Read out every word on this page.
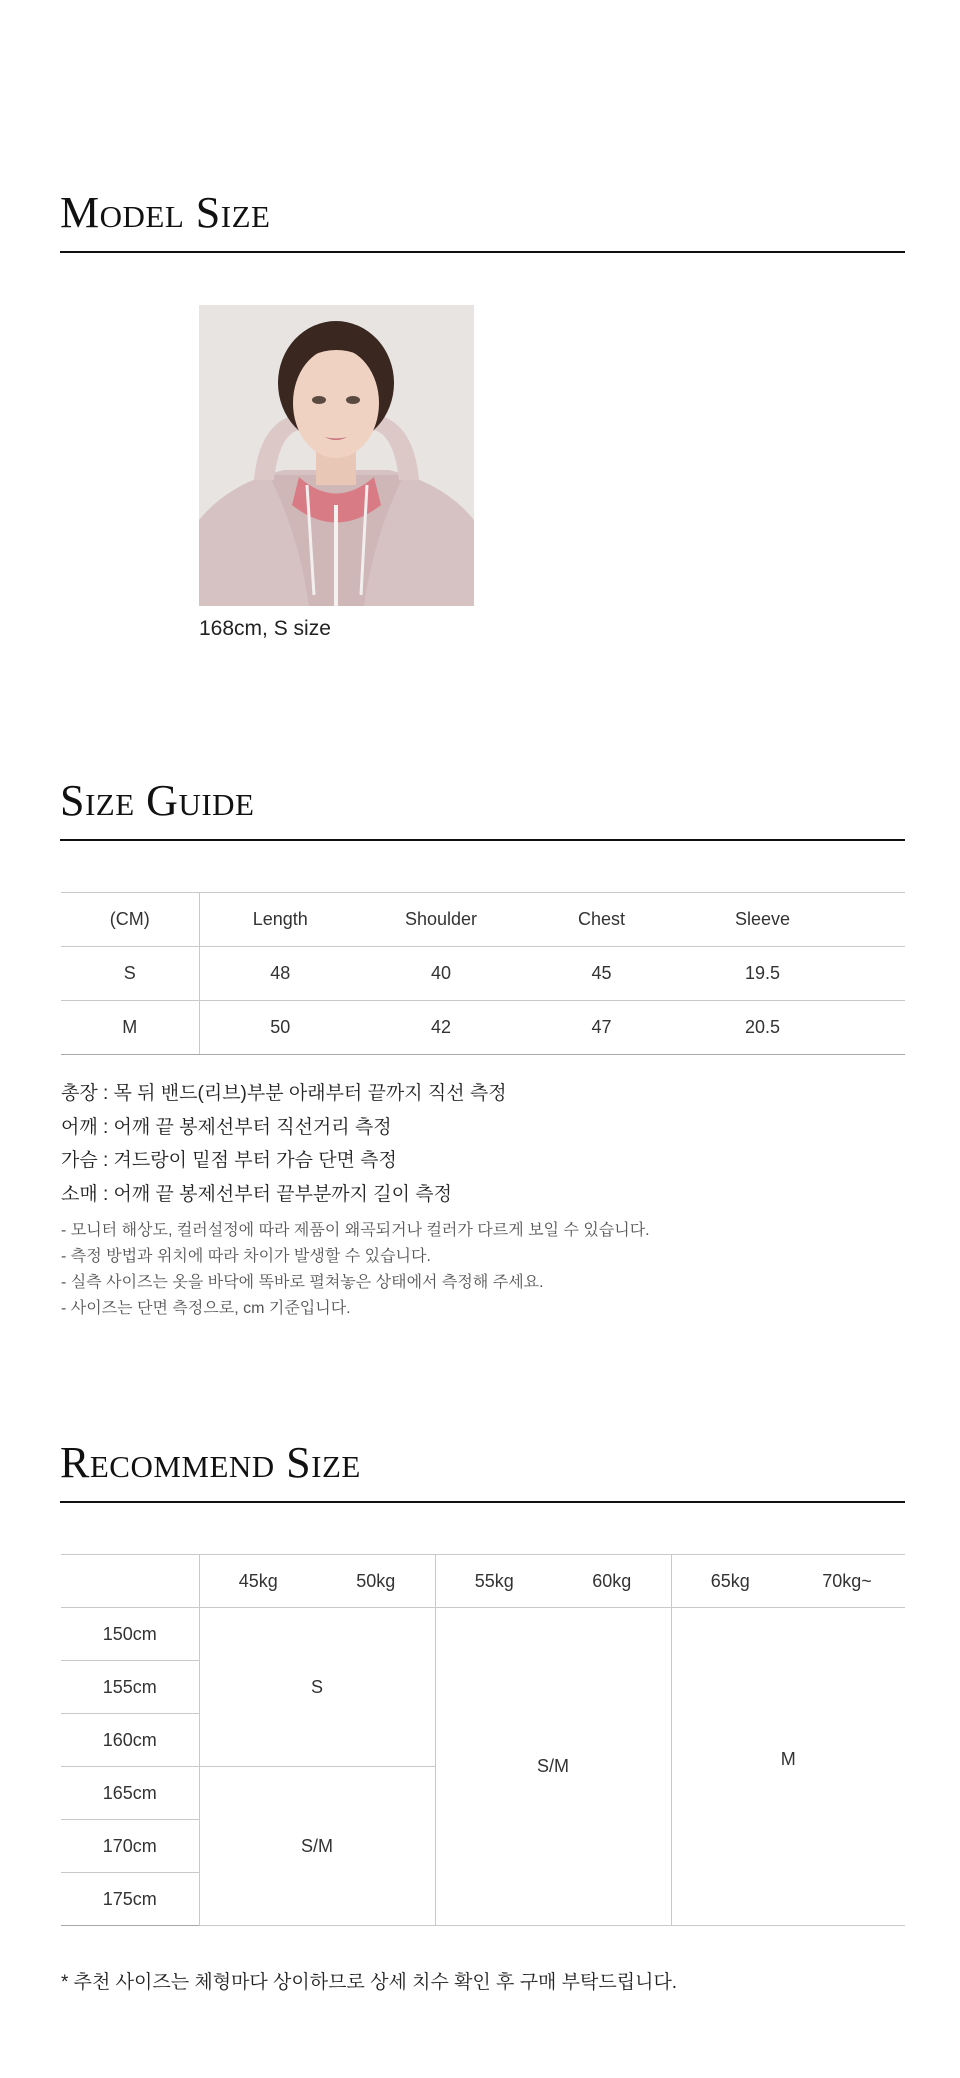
Model Size
168cm, S size
Size Guide
(CM)	Length	Shoulder	Chest	Sleeve	
S	48	40	45	19.5	
M	50	42	47	20.5	
총장 : 목 뒤 밴드(리브)부분 아래부터 끝까지 직선 측정
어깨 : 어깨 끝 봉제선부터 직선거리 측정
가슴 : 겨드랑이 밑점 부터 가슴 단면 측정
소매 : 어깨 끝 봉제선부터 끝부분까지 길이 측정
- 모니터 해상도, 컬러설정에 따라 제품이 왜곡되거나 컬러가 다르게 보일 수 있습니다.
- 측정 방법과 위치에 따라 차이가 발생할 수 있습니다.
- 실측 사이즈는 옷을 바닥에 똑바로 펼쳐놓은 상태에서 측정해 주세요.
- 사이즈는 단면 측정으로, cm 기준입니다.
Recommend Size
	45kg	50kg	55kg	60kg	65kg	70kg~
150cm	S		S/M		M	
155cm						
160cm						
165cm	S/M					
170cm						
175cm						
* 추천 사이즈는 체형마다 상이하므로 상세 치수 확인 후 구매 부탁드립니다.
